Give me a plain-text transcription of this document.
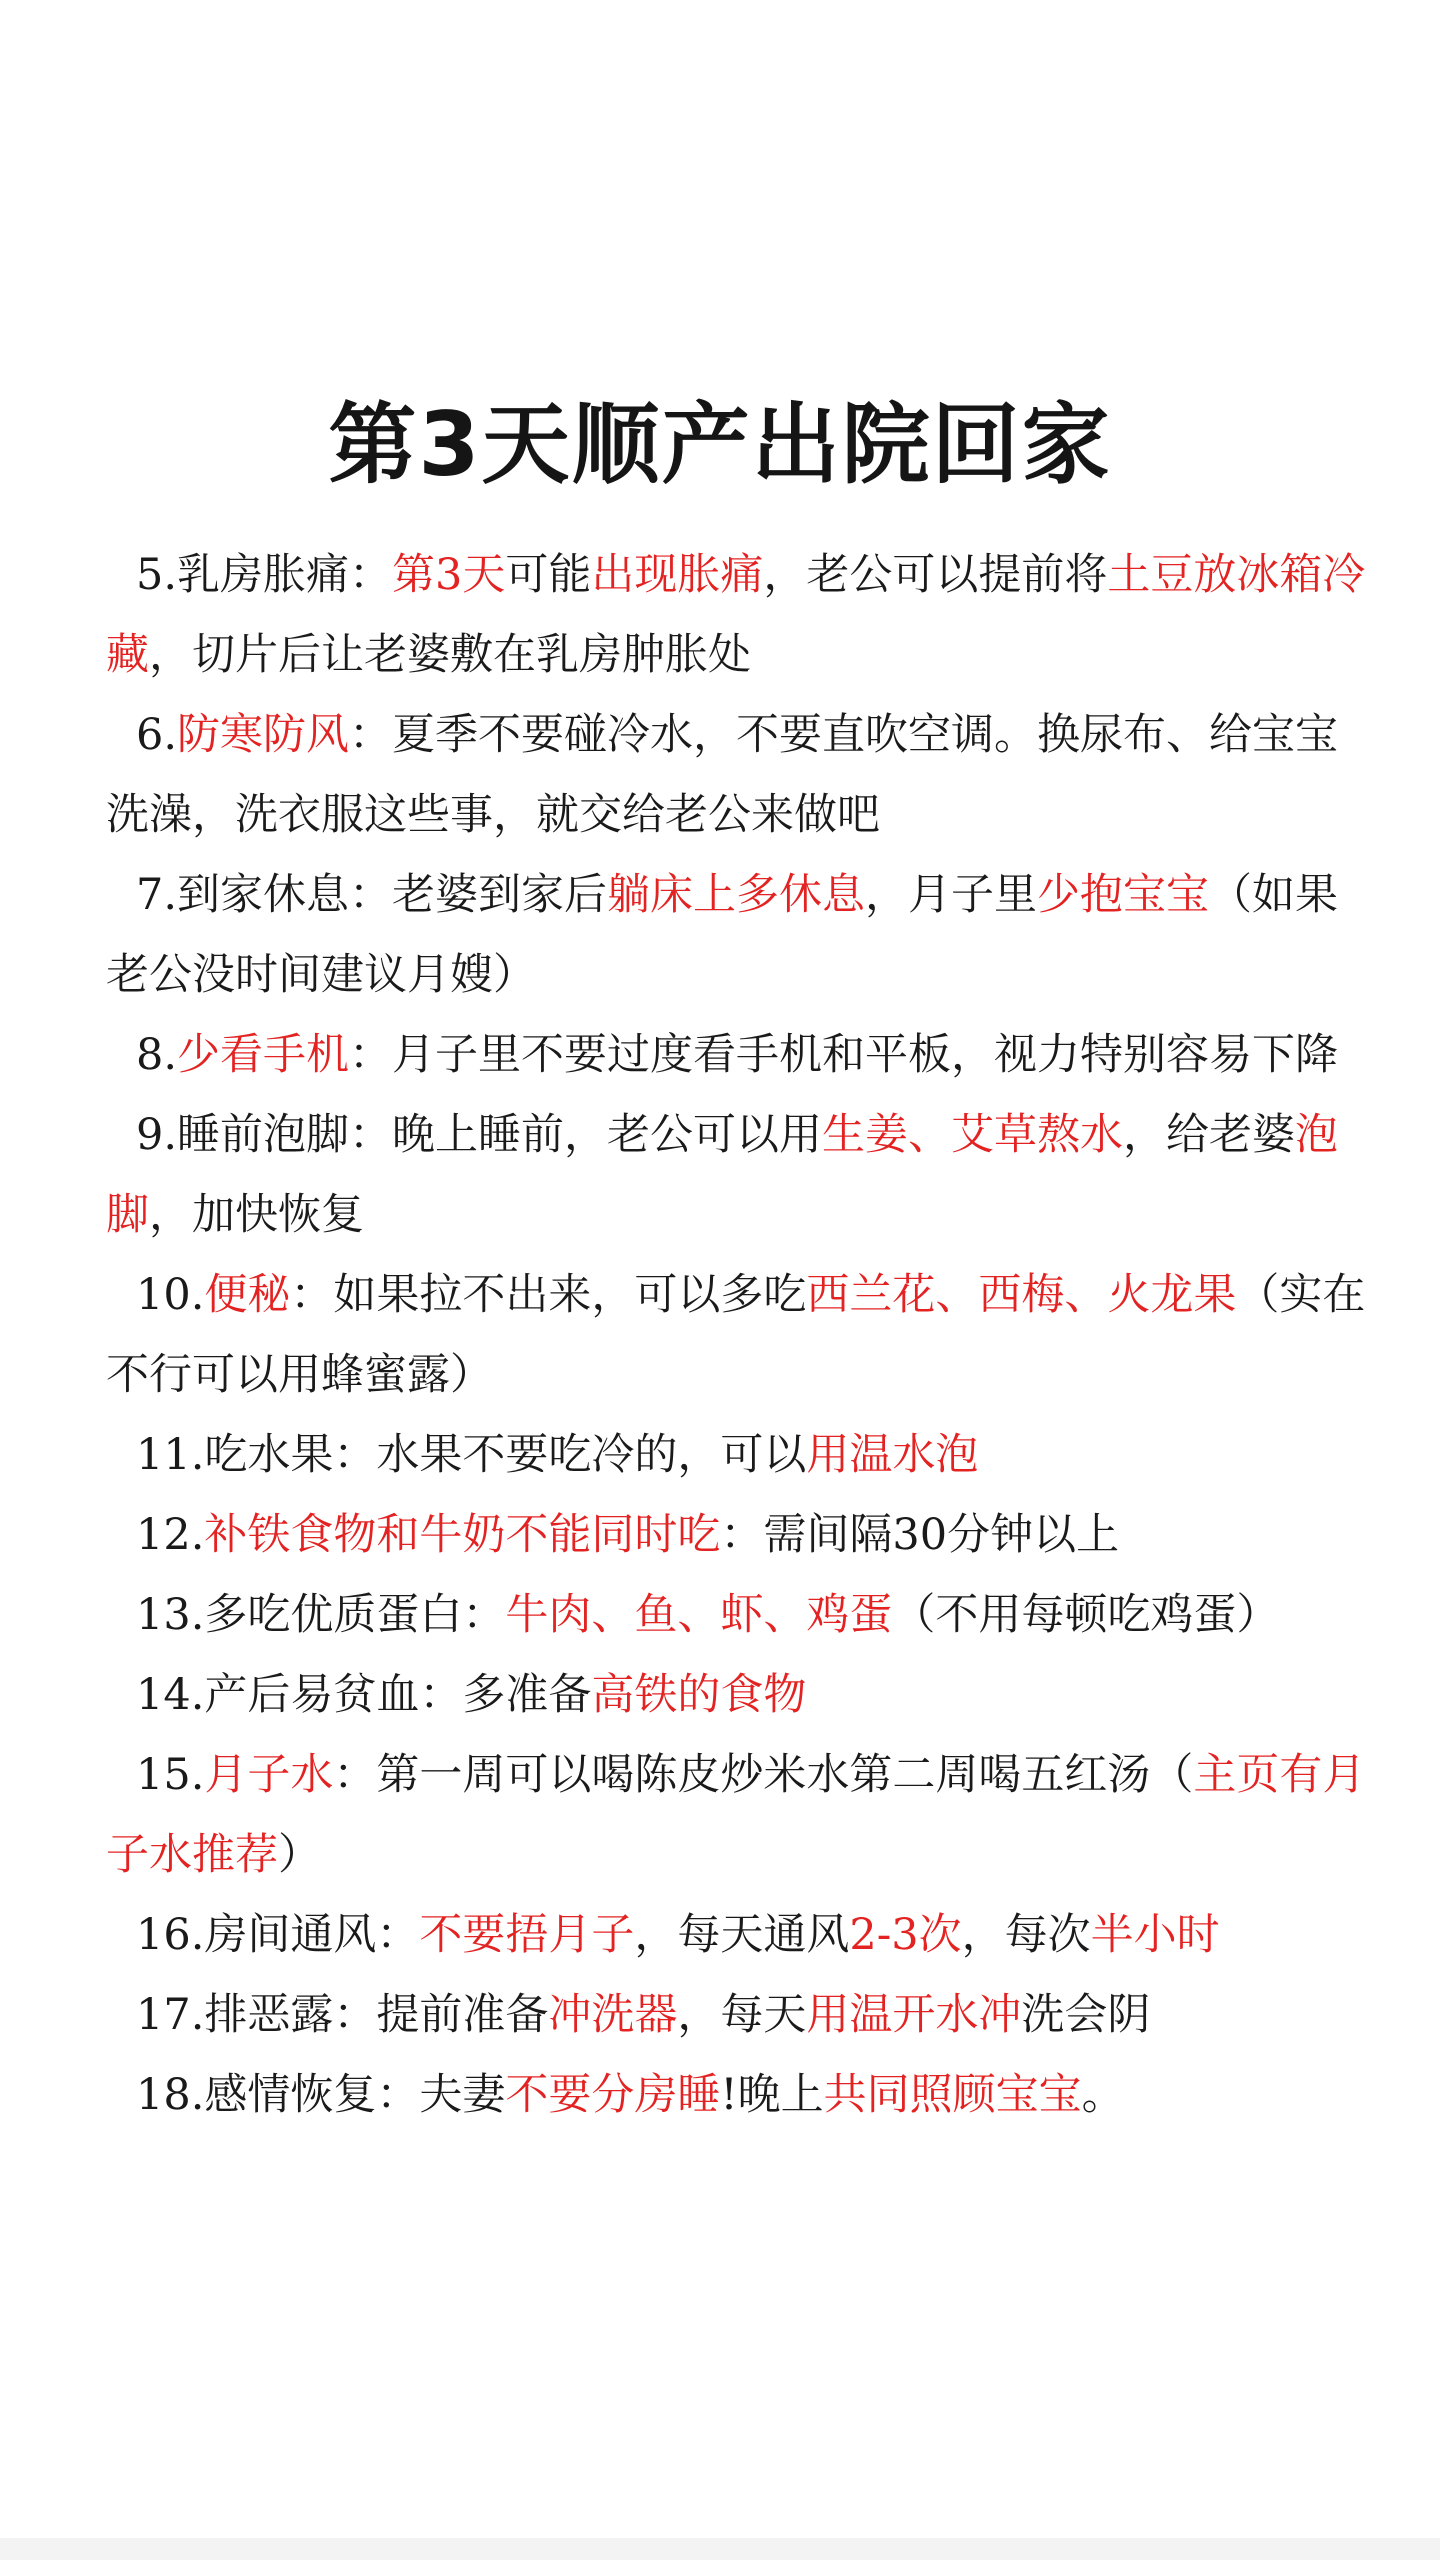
第3天顺产出院回家

5.乳房胀痛：第3天可能出现胀痛，老公可以提前将土豆放冰箱冷藏，切片后让老婆敷在乳房肿胀处

6.防寒防风：夏季不要碰冷水，不要直吹空调。换尿布、给宝宝洗澡，洗衣服这些事，就交给老公来做吧

7.到家休息：老婆到家后躺床上多休息，月子里少抱宝宝（如果老公没时间建议月嫂）

8.少看手机：月子里不要过度看手机和平板，视力特别容易下降

9.睡前泡脚：晚上睡前，老公可以用生姜、艾草熬水，给老婆泡脚，加快恢复

10.便秘：如果拉不出来，可以多吃西兰花、西梅、火龙果（实在不行可以用蜂蜜露）

11.吃水果：水果不要吃冷的，可以用温水泡

12.补铁食物和牛奶不能同时吃：需间隔30分钟以上

13.多吃优质蛋白：牛肉、鱼、虾、鸡蛋（不用每顿吃鸡蛋）

14.产后易贫血：多准备高铁的食物

15.月子水：第一周可以喝陈皮炒米水第二周喝五红汤（主页有月子水推荐）

16.房间通风：不要捂月子，每天通风2-3次，每次半小时

17.排恶露：提前准备冲洗器，每天用温开水冲洗会阴

18.感情恢复：夫妻不要分房睡!晚上共同照顾宝宝。
